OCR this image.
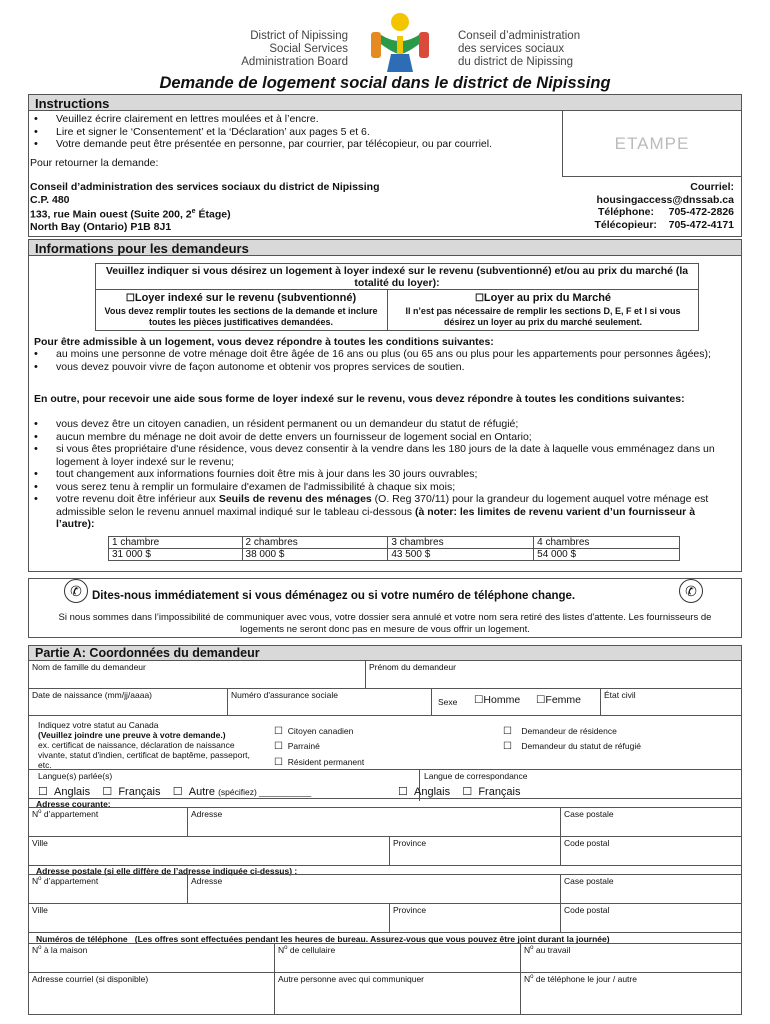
District of Nipissing
Social Services
Administration Board
Conseil d’administration
des services sociaux
du district de Nipissing
Demande de logement social dans le district de Nipissing
Instructions
• Veuillez écrire clairement en lettres moulées et à l’encre.
• Lire et signer le ‘Consentement’ et la ‘Déclaration’ aux pages 5 et 6.
• Votre demande peut être présentée en personne, par courrier, par télécopieur, ou par courriel.	ETAMPE
Pour retourner la demande:
Conseil d’administration des services sociaux du district de Nipissing
C.P. 480
133, rue Main ouest (Suite 200, 2e Étage)
North Bay (Ontario) P1B 8J1
Courriel:
housingaccess@dnssab.ca
Téléphone: 705-472-2826
Télécopieur: 705-472-4171
Informations pour les demandeurs
Veuillez indiquer si vous désirez un logement à loyer indexé sur le revenu (subventionné) et/ou au prix du marché (la totalité du loyer):
☐Loyer indexé sur le revenu (subventionné)
Vous devez remplir toutes les sections de la demande et inclure toutes les pièces justificatives demandées.
☐Loyer au prix du Marché
Il n’est pas nécessaire de remplir les sections D, E, F et I si vous désirez un loyer au prix du marché seulement.
Pour être admissible à un logement, vous devez répondre à toutes les conditions suivantes:
• au moins une personne de votre ménage doit être âgée de 16 ans ou plus (ou 65 ans ou plus pour les appartements pour personnes âgées);
• vous devez pouvoir vivre de façon autonome et obtenir vos propres services de soutien.
En outre, pour recevoir une aide sous forme de loyer indexé sur le revenu, vous devez répondre à toutes les conditions suivantes:
• vous devez être un citoyen canadien, un résident permanent ou un demandeur du statut de réfugié;
• aucun membre du ménage ne doit avoir de dette envers un fournisseur de logement social en Ontario;
• si vous êtes propriétaire d'une résidence, vous devez consentir à la vendre dans les 180 jours de la date à laquelle vous emménagez dans un logement à loyer indexé sur le revenu;
• tout changement aux informations fournies doit être mis à jour dans les 30 jours ouvrables;
• vous serez tenu à remplir un formulaire d'examen de l'admissibilité à chaque six mois;
• votre revenu doit être inférieur aux Seuils de revenu des ménages (O. Reg 370/11) pour la grandeur du logement auquel votre ménage est admissible selon le revenu annuel maximal indiqué sur le tableau ci-dessous (à noter: les limites de revenu varient d’un fournisseur à l’autre):
1 chambre	2 chambres	3 chambres	4 chambres
31 000 $	38 000 $	43 500 $	54 000 $
✆ Dites-nous immédiatement si vous déménagez ou si votre numéro de téléphone change.	✆
Si nous sommes dans l’impossibilité de communiquer avec vous, votre dossier sera annulé et votre nom sera retiré des listes d'attente. Les fournisseurs de logements ne seront donc pas en mesure de vous offrir un logement.
Partie A: Coordonnées du demandeur
Nom de famille du demandeur	Prénom du demandeur
Date de naissance (mm/jj/aaaa)	Numéro d'assurance sociale
Sexe ☐Homme ☐Femme	État civil
Indiquez votre statut au Canada
(Veuillez joindre une preuve à votre demande.)
ex. certificat de naissance, déclaration de naissance vivante, statut d'indien, certificat de baptême, passeport, etc.
☐ Citoyen canadien
☐ Parrainé
☐ Résident permanent
☐ Demandeur de résidence
☐ Demandeur du statut de réfugié
Langue(s) parlée(s)	Langue de correspondance
☐ Anglais ☐ Français ☐ Autre (spécifiez) ___________	☐ Anglais ☐ Français
Adresse courante:
$N^o$ d’appartement	Adresse	Case postale
Ville	Province	Code postal
Adresse postale (si elle diffère de l’adresse indiquée ci-dessus) :
$N^o$ d’appartement	Adresse	Case postale
Ville	Province	Code postal
Numéros de téléphone (Les offres sont effectuées pendant les heures de bureau. Assurez-vous que vous pouvez être joint durant la journée)
$N^o$ à la maison	$N^o$ de cellulaire	$N^o$ au travail
Adresse courriel (si disponible)	Autre personne avec qui communiquer	$N^o$ de téléphone le jour / autre
